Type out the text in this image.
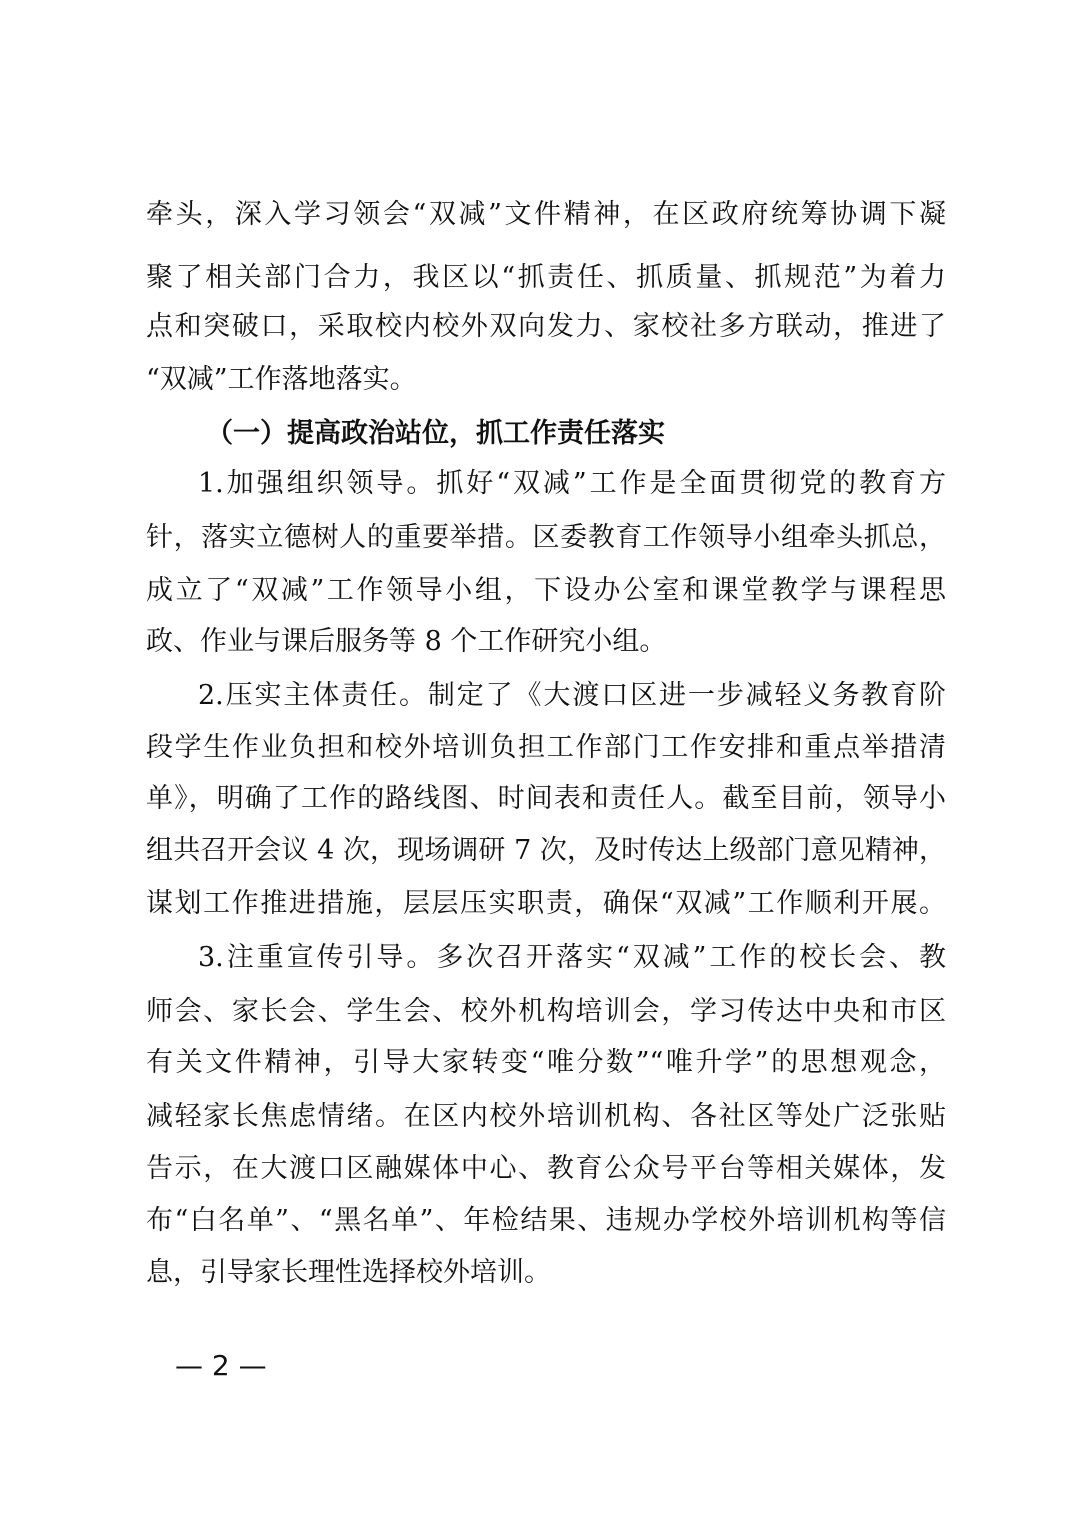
牵头，深入学习领会“双减”文件精神，在区政府统筹协调下凝
聚了相关部门合力，我区以“抓责任、抓质量、抓规范”为着力
点和突破口，采取校内校外双向发力、家校社多方联动，推进了
“双减”工作落地落实。
（一）提高政治站位，抓工作责任落实
1.加强组织领导。抓好“双减”工作是全面贯彻党的教育方
针，落实立德树人的重要举措。区委教育工作领导小组牵头抓总，
成立了“双减”工作领导小组，下设办公室和课堂教学与课程思
政、作业与课后服务等 8 个工作研究小组。
2.压实主体责任。制定了《大渡口区进一步减轻义务教育阶
段学生作业负担和校外培训负担工作部门工作安排和重点举措清
单》，明确了工作的路线图、时间表和责任人。截至目前，领导小
组共召开会议 4 次，现场调研 7 次，及时传达上级部门意见精神，
谋划工作推进措施，层层压实职责，确保“双减”工作顺利开展。
3.注重宣传引导。多次召开落实“双减”工作的校长会、教
师会、家长会、学生会、校外机构培训会，学习传达中央和市区
有关文件精神，引导大家转变“唯分数”“唯升学”的思想观念，
减轻家长焦虑情绪。在区内校外培训机构、各社区等处广泛张贴
告示，在大渡口区融媒体中心、教育公众号平台等相关媒体，发
布“白名单”、“黑名单”、年检结果、违规办学校外培训机构等信
息，引导家长理性选择校外培训。
— 2 —
